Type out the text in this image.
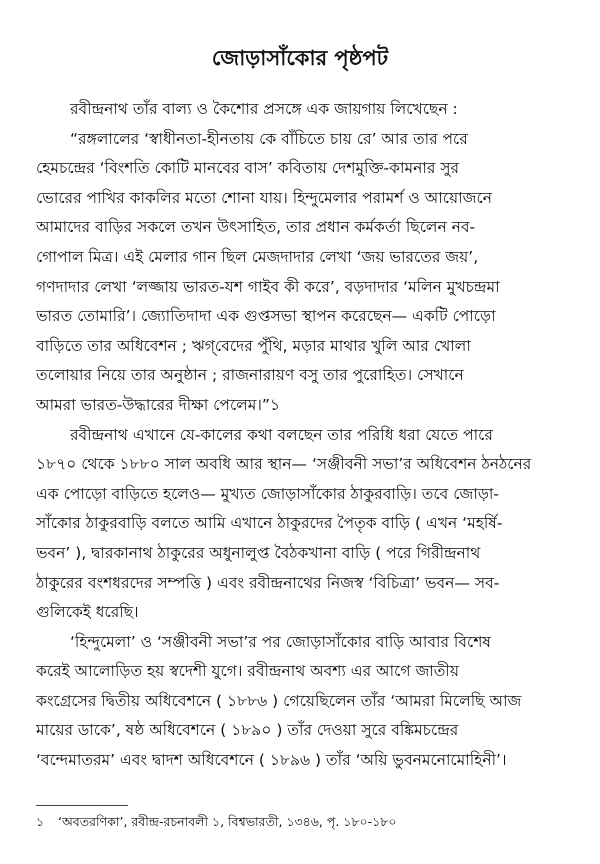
জোড়াসাঁকোর পৃষ্ঠপট
রবীন্দ্রনাথ তাঁর বাল্য ও কৈশোর প্রসঙ্গে এক জায়গায় লিখেছেন :
“রঙ্গলালের ‘স্বাধীনতা-হীনতায় কে বাঁচিতে চায় রে’ আর তার পরে
হেমচন্দ্রের ‘বিংশতি কোটি মানবের বাস’ কবিতায় দেশমুক্তি-কামনার সুর
ভোরের পাখির কাকলির মতো শোনা যায়। হিন্দুমেলার পরামর্শ ও আয়োজনে
আমাদের বাড়ির সকলে তখন উৎসাহিত, তার প্রধান কর্মকর্তা ছিলেন নব-
গোপাল মিত্র। এই মেলার গান ছিল মেজদাদার লেখা ‘জয় ভারতের জয়’,
গণদাদার লেখা ‘লজ্জায় ভারত-যশ গাইব কী করে’, বড়দাদার ‘মলিন মুখচন্দ্রমা
ভারত তোমারি’। জ্যোতিদাদা এক গুপ্তসভা স্থাপন করেছেন— একটি পোড়ো
বাড়িতে তার অধিবেশন ; ঋগ্‌বেদের পুঁথি, মড়ার মাথার খুলি আর খোলা
তলোয়ার নিয়ে তার অনুষ্ঠান ; রাজনারায়ণ বসু তার পুরোহিত। সেখানে
আমরা ভারত-উদ্ধারের দীক্ষা পেলেম।”১
রবীন্দ্রনাথ এখানে যে-কালের কথা বলছেন তার পরিধি ধরা যেতে পারে
১৮৭০ থেকে ১৮৮০ সাল অবধি আর স্থান— ‘সঞ্জীবনী সভা’র অধিবেশন ঠনঠনের
এক পোড়ো বাড়িতে হলেও— মুখ্যত জোড়াসাঁকোর ঠাকুরবাড়ি। তবে জোড়া-
সাঁকোর ঠাকুরবাড়ি বলতে আমি এখানে ঠাকুরদের পৈতৃক বাড়ি ( এখন ‘মহর্ষি-
ভবন’ ), দ্বারকানাথ ঠাকুরের অধুনালুপ্ত বৈঠকখানা বাড়ি ( পরে গিরীন্দ্রনাথ
ঠাকুরের বংশধরদের সম্পত্তি ) এবং রবীন্দ্রনাথের নিজস্ব ‘বিচিত্রা’ ভবন— সব-
গুলিকেই ধরেছি।
‘হিন্দুমেলা’ ও ‘সঞ্জীবনী সভা’র পর জোড়াসাঁকোর বাড়ি আবার বিশেষ
করেই আলোড়িত হয় স্বদেশী যুগে। রবীন্দ্রনাথ অবশ্য এর আগে জাতীয়
কংগ্রেসের দ্বিতীয় অধিবেশনে ( ১৮৮৬ ) গেয়েছিলেন তাঁর ‘আমরা মিলেছি আজ
মায়ের ডাকে’, ষষ্ঠ অধিবেশনে ( ১৮৯০ ) তাঁর দেওয়া সুরে বঙ্কিমচন্দ্রের
‘বন্দেমাতরম’ এবং দ্বাদশ অধিবেশনে ( ১৮৯৬ ) তাঁর ‘অয়ি ভুবনমনোমোহিনী’।
১ ‘অবতরণিকা’, রবীন্দ্র-রচনাবলী ১, বিশ্বভারতী, ১৩৪৬, পৃ. ১৮০-১৮০
